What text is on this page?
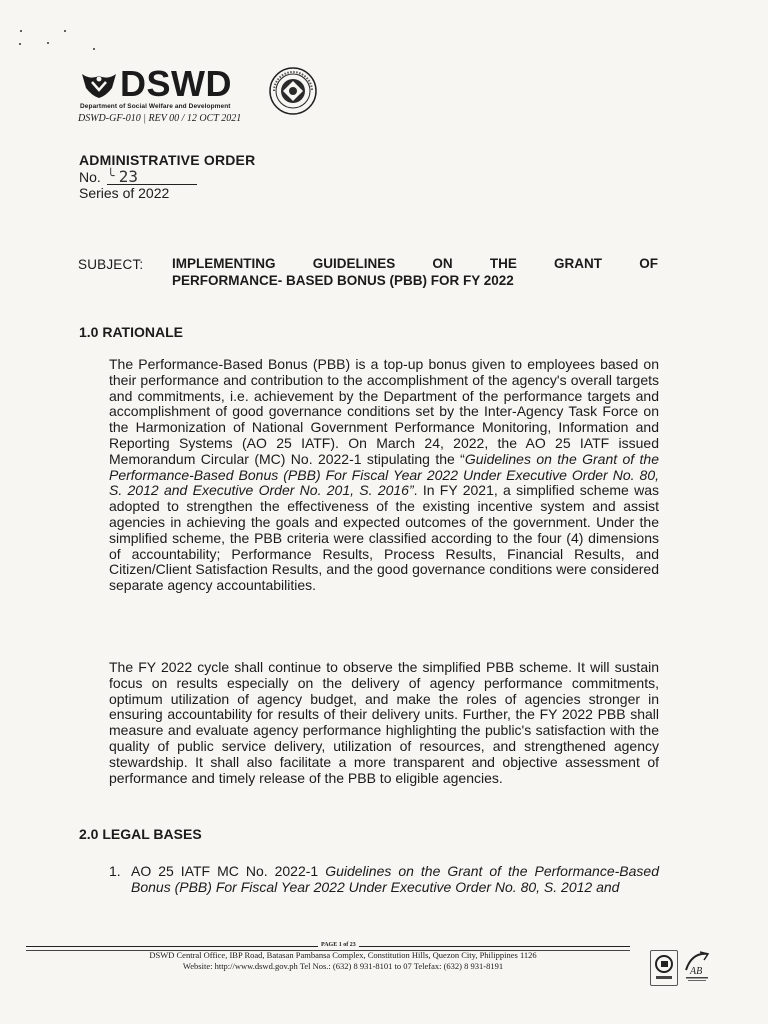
DSWD
Department of Social Welfare and Development
DSWD-GF-010 | REV 00 / 12 OCT 2021
ADMINISTRATIVE ORDER
No. ╰ 23
Series of 2022
SUBJECT: IMPLEMENTING	GUIDELINES	ON	THE	GRANT	OF
PERFORMANCE- BASED BONUS (PBB) FOR FY 2022
1.0 RATIONALE
The Performance-Based Bonus (PBB) is a top-up bonus given to employees based on their performance and contribution to the accomplishment of the agency's overall targets and commitments, i.e. achievement by the Department of the performance targets and accomplishment of good governance conditions set by the Inter-Agency Task Force on the Harmonization of National Government Performance Monitoring, Information and Reporting Systems (AO 25 IATF). On March 24, 2022, the AO 25 IATF issued Memorandum Circular (MC) No. 2022-1 stipulating the “Guidelines on the Grant of the Performance-Based Bonus (PBB) For Fiscal Year 2022 Under Executive Order No. 80, S. 2012 and Executive Order No. 201, S. 2016”. In FY 2021, a simplified scheme was adopted to strengthen the effectiveness of the existing incentive system and assist agencies in achieving the goals and expected outcomes of the government. Under the simplified scheme, the PBB criteria were classified according to the four (4) dimensions of accountability; Performance Results, Process Results, Financial Results, and Citizen/Client Satisfaction Results, and the good governance conditions were considered separate agency accountabilities.
The FY 2022 cycle shall continue to observe the simplified PBB scheme. It will sustain focus on results especially on the delivery of agency performance commitments, optimum utilization of agency budget, and make the roles of agencies stronger in ensuring accountability for results of their delivery units. Further, the FY 2022 PBB shall measure and evaluate agency performance highlighting the public's satisfaction with the quality of public service delivery, utilization of resources, and strengthened agency stewardship. It shall also facilitate a more transparent and objective assessment of performance and timely release of the PBB to eligible agencies.
2.0 LEGAL BASES
1. AO 25 IATF MC No. 2022-1 Guidelines on the Grant of the Performance-Based Bonus (PBB) For Fiscal Year 2022 Under Executive Order No. 80, S. 2012 and
PAGE 1 of 23
DSWD Central Office, IBP Road, Batasan Pambansa Complex, Constitution Hills, Quezon City, Philippines 1126
Website: http://www.dswd.gov.ph Tel Nos.: (632) 8 931-8101 to 07 Telefax: (632) 8 931-8191	AB
